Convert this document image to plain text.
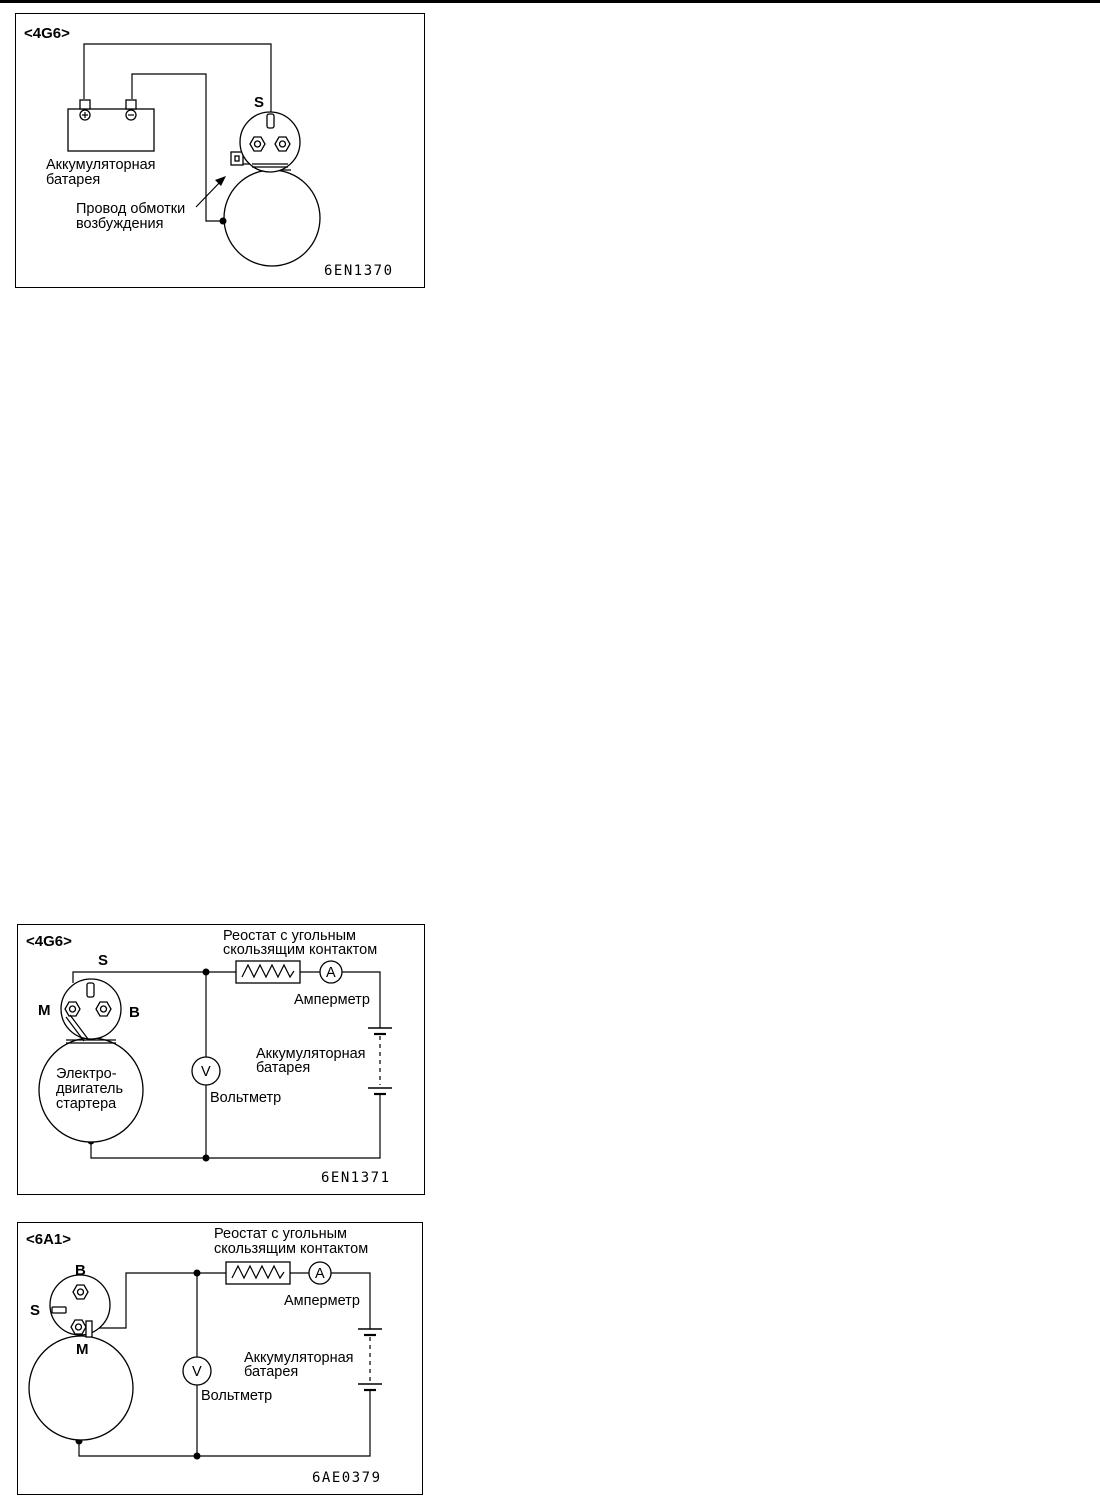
<4G6>
Аккумуляторная
батарея
S
Провод обмотки
возбуждения
6EN1370
<4G6>	Реостат с угольным
скользящим контактом
A
Амперметр
Аккумуляторная
батарея
V
Вольтметр
Электро-
двигатель
стартера
S
M	B
6EN1371
<6A1>	Реостат с угольным
скользящим контактом
A
Амперметр
Аккумуляторная
батарея
V
Вольтметр
B
S
M
6AE0379
